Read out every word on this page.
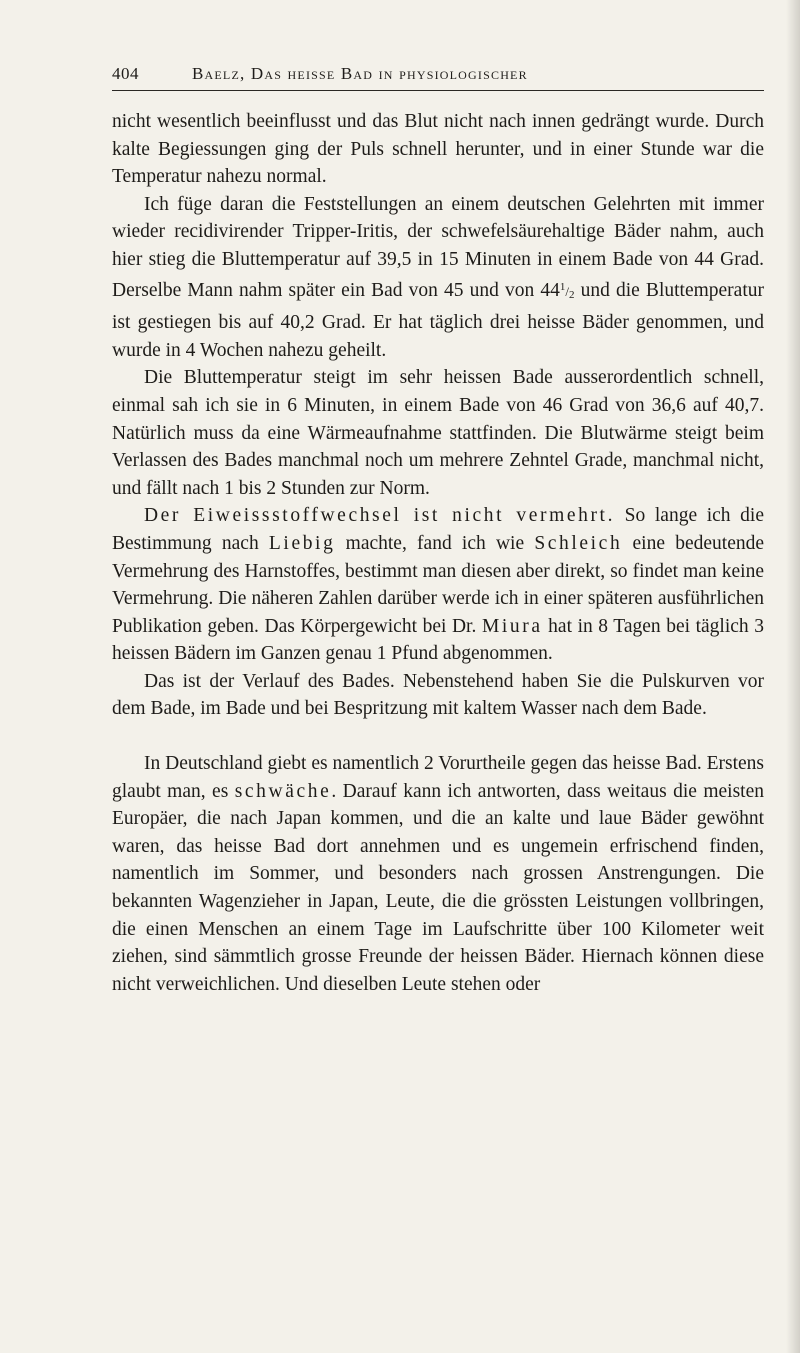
404	Baelz, Das heisse Bad in physiologischer

nicht wesentlich beeinflusst und das Blut nicht nach innen gedrängt wurde. Durch kalte Begiessungen ging der Puls schnell herunter, und in einer Stunde war die Temperatur nahezu normal.

Ich füge daran die Feststellungen an einem deutschen Gelehrten mit immer wieder recidivirender Tripper-Iritis, der schwefelsäurehaltige Bäder nahm, auch hier stieg die Bluttemperatur auf 39,5 in 15 Minuten in einem Bade von 44 Grad. Derselbe Mann nahm später ein Bad von 45 und von $44^1/_2$ und die Bluttemperatur ist gestiegen bis auf 40,2 Grad. Er hat täglich drei heisse Bäder genommen, und wurde in 4 Wochen nahezu geheilt.

Die Bluttemperatur steigt im sehr heissen Bade ausserordentlich schnell, einmal sah ich sie in 6 Minuten, in einem Bade von 46 Grad von 36,6 auf 40,7. Natürlich muss da eine Wärmeaufnahme stattfinden. Die Blutwärme steigt beim Verlassen des Bades manchmal noch um mehrere Zehntel Grade, manchmal nicht, und fällt nach 1 bis 2 Stunden zur Norm.

Der Eiweissstoffwechsel ist nicht vermehrt. So lange ich die Bestimmung nach Liebig machte, fand ich wie Schleich eine bedeutende Vermehrung des Harnstoffes, bestimmt man diesen aber direkt, so findet man keine Vermehrung. Die näheren Zahlen darüber werde ich in einer späteren ausführlichen Publikation geben. Das Körpergewicht bei Dr. Miura hat in 8 Tagen bei täglich 3 heissen Bädern im Ganzen genau 1 Pfund abgenommen.

Das ist der Verlauf des Bades. Nebenstehend haben Sie die Pulskurven vor dem Bade, im Bade und bei Bespritzung mit kaltem Wasser nach dem Bade.

In Deutschland giebt es namentlich 2 Vorurtheile gegen das heisse Bad. Erstens glaubt man, es schwäche. Darauf kann ich antworten, dass weitaus die meisten Europäer, die nach Japan kommen, und die an kalte und laue Bäder gewöhnt waren, das heisse Bad dort annehmen und es ungemein erfrischend finden, namentlich im Sommer, und besonders nach grossen Anstrengungen. Die bekannten Wagenzieher in Japan, Leute, die die grössten Leistungen vollbringen, die einen Menschen an einem Tage im Laufschritte über 100 Kilometer weit ziehen, sind sämmtlich grosse Freunde der heissen Bäder. Hiernach können diese nicht verweichlichen. Und dieselben Leute stehen oder
